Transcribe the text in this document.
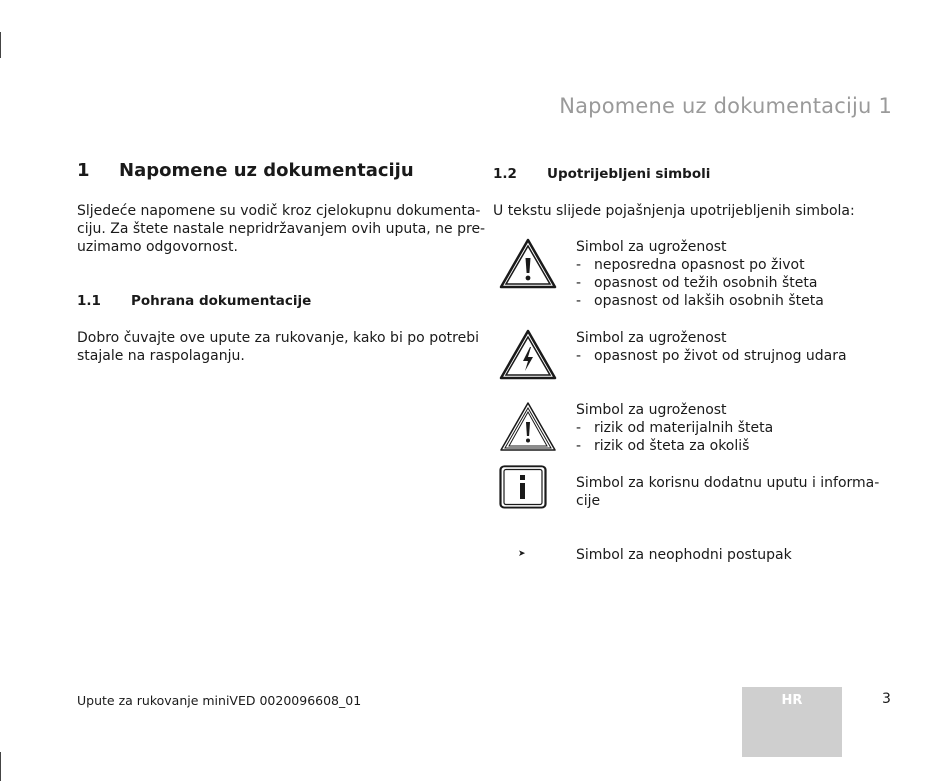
Napomene uz dokumentaciju 1
1 Napomene uz dokumentaciju

Sljedeće napomene su vodič kroz cjelokupnu dokumenta-
ciju. Za štete nastale nepridržavanjem ovih uputa, ne pre-
uzimamo odgovornost.

1.1 Pohrana dokumentacije

Dobro čuvajte ove upute za rukovanje, kako bi po potrebi
stajale na raspolaganju.

1.2 Upotrijebljeni simboli

U tekstu slijede pojašnjenja upotrijebljenih simbola:

Simbol za ugroženost
- neposredna opasnost po život
- opasnost od težih osobnih šteta
- opasnost od lakših osobnih šteta
Simbol za ugroženost
- opasnost po život od strujnog udara
Simbol za ugroženost
- rizik od materijalnih šteta
- rizik od šteta za okoliš
Simbol za korisnu dodatnu uputu i informa-
cije
➤	Simbol za neophodni postupak
Upute za rukovanje miniVED 0020096608_01	HR	3
